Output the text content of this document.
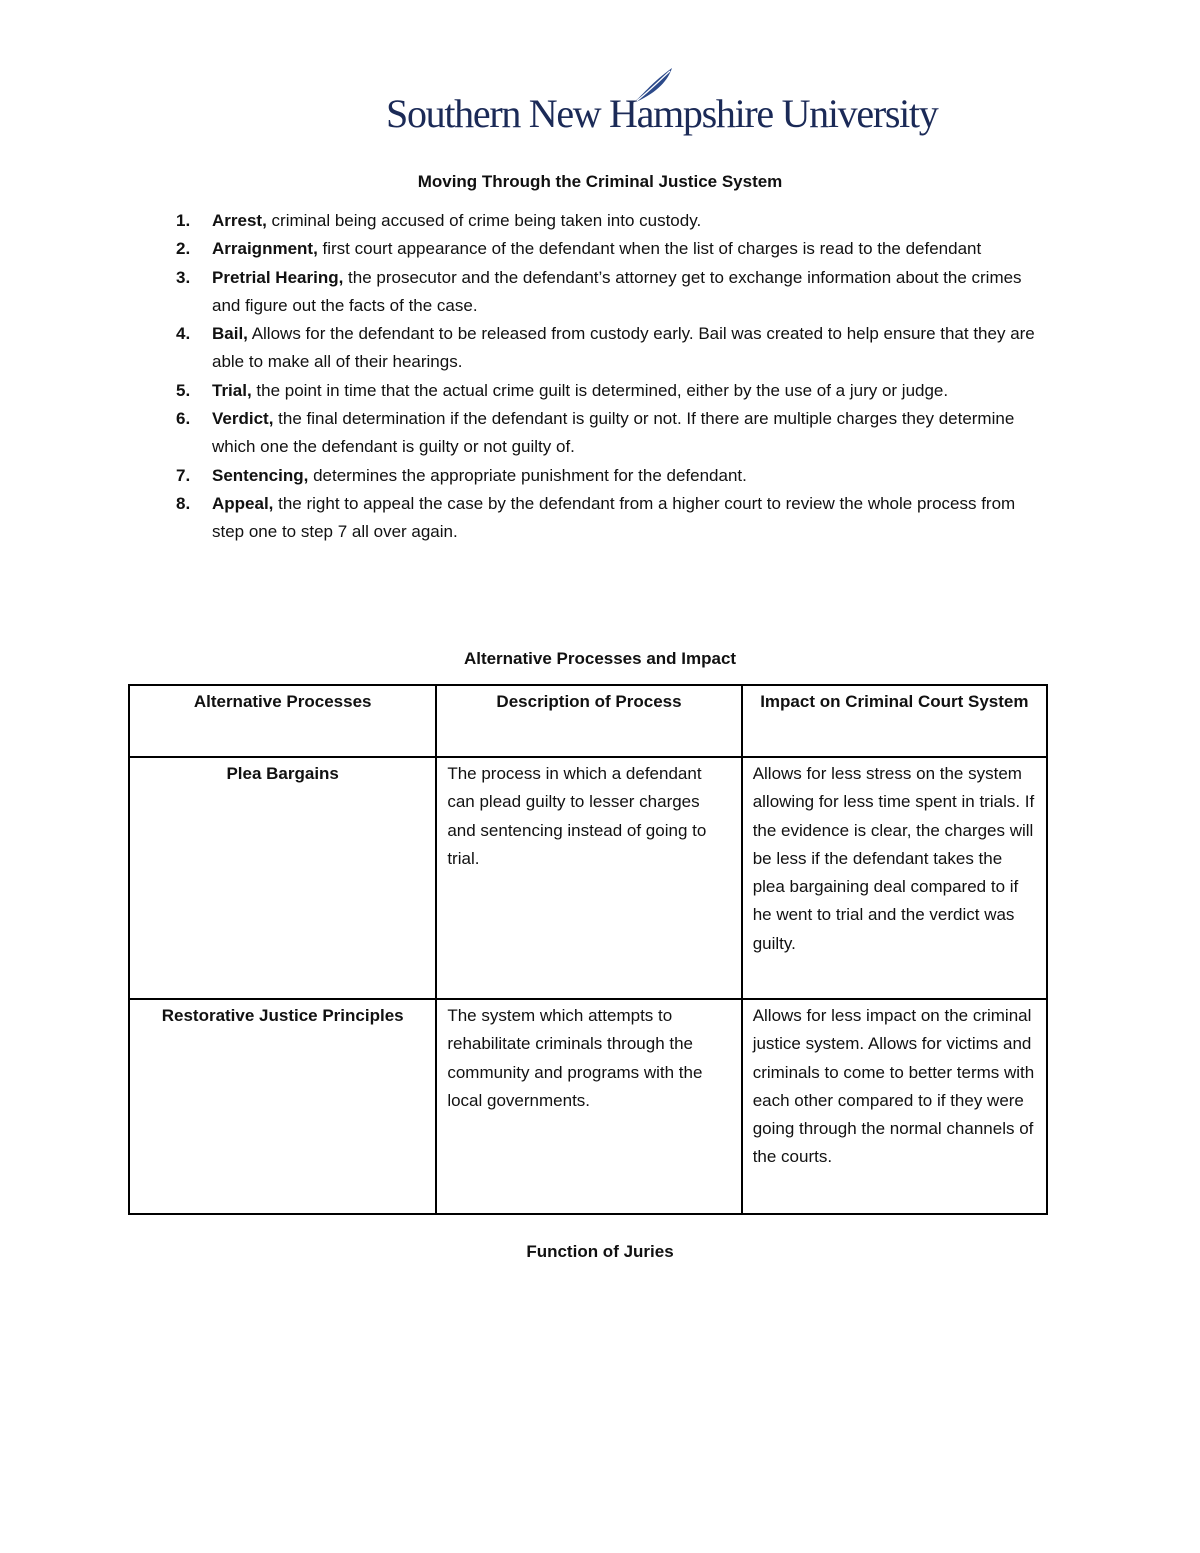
Southern New Hampshire University
Moving Through the Criminal Justice System
1. Arrest, criminal being accused of crime being taken into custody.
2. Arraignment, first court appearance of the defendant when the list of charges is read to the defendant
3. Pretrial Hearing, the prosecutor and the defendant’s attorney get to exchange information about the crimes and figure out the facts of the case.
4. Bail, Allows for the defendant to be released from custody early. Bail was created to help ensure that they are able to make all of their hearings.
5. Trial, the point in time that the actual crime guilt is determined, either by the use of a jury or judge.
6. Verdict, the final determination if the defendant is guilty or not. If there are multiple charges they determine which one the defendant is guilty or not guilty of.
7. Sentencing, determines the appropriate punishment for the defendant.
8. Appeal, the right to appeal the case by the defendant from a higher court to review the whole process from step one to step 7 all over again.
Alternative Processes and Impact
Alternative Processes	Description of Process	Impact on Criminal Court System
Plea Bargains	The process in which a defendant can plead guilty to lesser charges and sentencing instead of going to trial.	Allows for less stress on the system allowing for less time spent in trials. If the evidence is clear, the charges will be less if the defendant takes the plea bargaining deal compared to if he went to trial and the verdict was guilty.
Restorative Justice Principles	The system which attempts to rehabilitate criminals through the community and programs with the local governments.	Allows for less impact on the criminal justice system. Allows for victims and criminals to come to better terms with each other compared to if they were going through the normal channels of the courts.
Function of Juries
